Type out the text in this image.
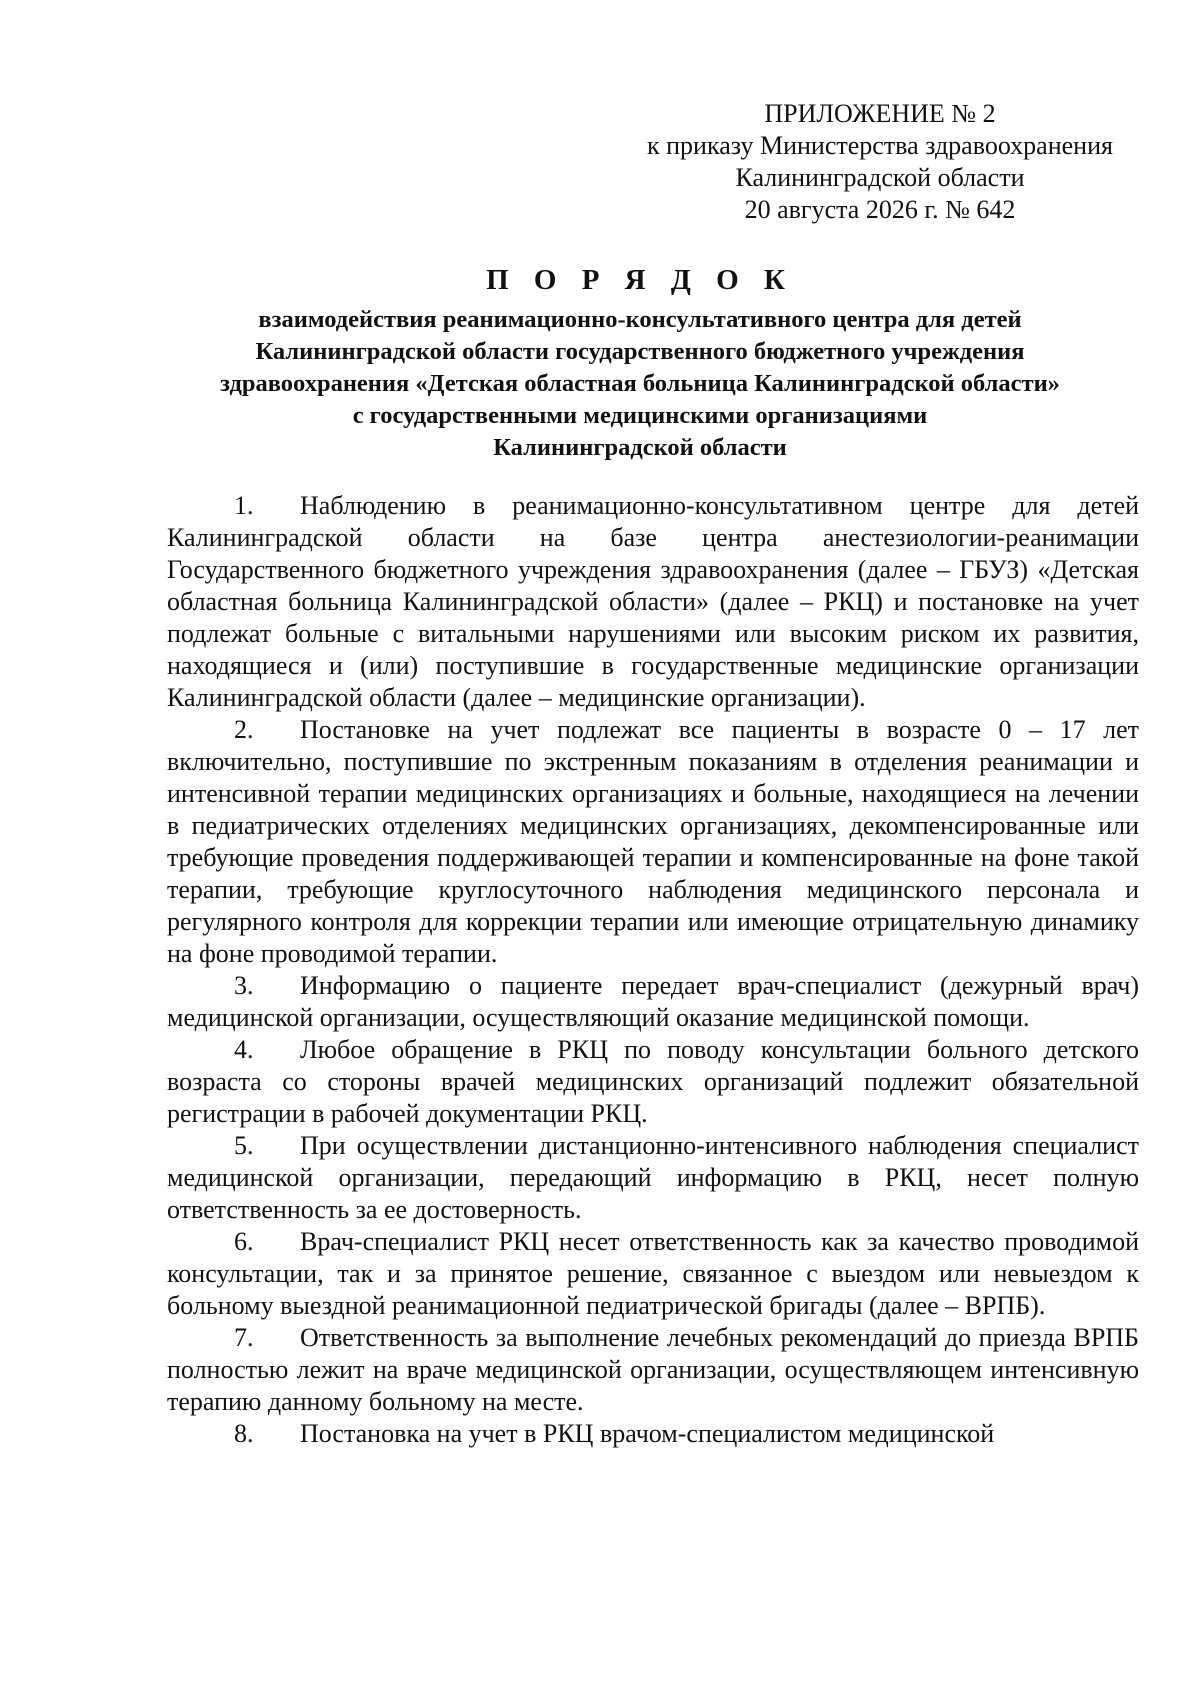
ПРИЛОЖЕНИЕ № 2
к приказу Министерства здравоохранения
Калининградской области
20 августа 2026 г. № 642
П О Р Я Д О К
взаимодействия реанимационно-консультативного центра для детей
Калининградской области государственного бюджетного учреждения
здравоохранения «Детская областная больница Калининградской области»
с государственными медицинскими организациями
Калининградской области

1. Наблюдению в реанимационно-консультативном центре для детей Калининградской области на базе центра анестезиологии-реанимации Государственного бюджетного учреждения здравоохранения (далее – ГБУЗ) «Детская областная больница Калининградской области» (далее – РКЦ) и постановке на учет подлежат больные с витальными нарушениями или высоким риском их развития, находящиеся и (или) поступившие в государственные медицинские организации Калининградской области (далее – медицинские организации).

2. Постановке на учет подлежат все пациенты в возрасте 0 – 17 лет включительно, поступившие по экстренным показаниям в отделения реанимации и интенсивной терапии медицинских организациях и больные, находящиеся на лечении в педиатрических отделениях медицинских организациях, декомпенсированные или требующие проведения поддерживающей терапии и компенсированные на фоне такой терапии, требующие круглосуточного наблюдения медицинского персонала и регулярного контроля для коррекции терапии или имеющие отрицательную динамику на фоне проводимой терапии.

3. Информацию о пациенте передает врач-специалист (дежурный врач) медицинской организации, осуществляющий оказание медицинской помощи.

4. Любое обращение в РКЦ по поводу консультации больного детского возраста со стороны врачей медицинских организаций подлежит обязательной регистрации в рабочей документации РКЦ.

5. При осуществлении дистанционно-интенсивного наблюдения специалист медицинской организации, передающий информацию в РКЦ, несет полную ответственность за ее достоверность.

6. Врач-специалист РКЦ несет ответственность как за качество проводимой консультации, так и за принятое решение, связанное с выездом или невыездом к больному выездной реанимационной педиатрической бригады (далее – ВРПБ).

7. Ответственность за выполнение лечебных рекомендаций до приезда ВРПБ полностью лежит на враче медицинской организации, осуществляющем интенсивную терапию данному больному на месте.

8. Постановка на учет в РКЦ врачом-специалистом медицинской
